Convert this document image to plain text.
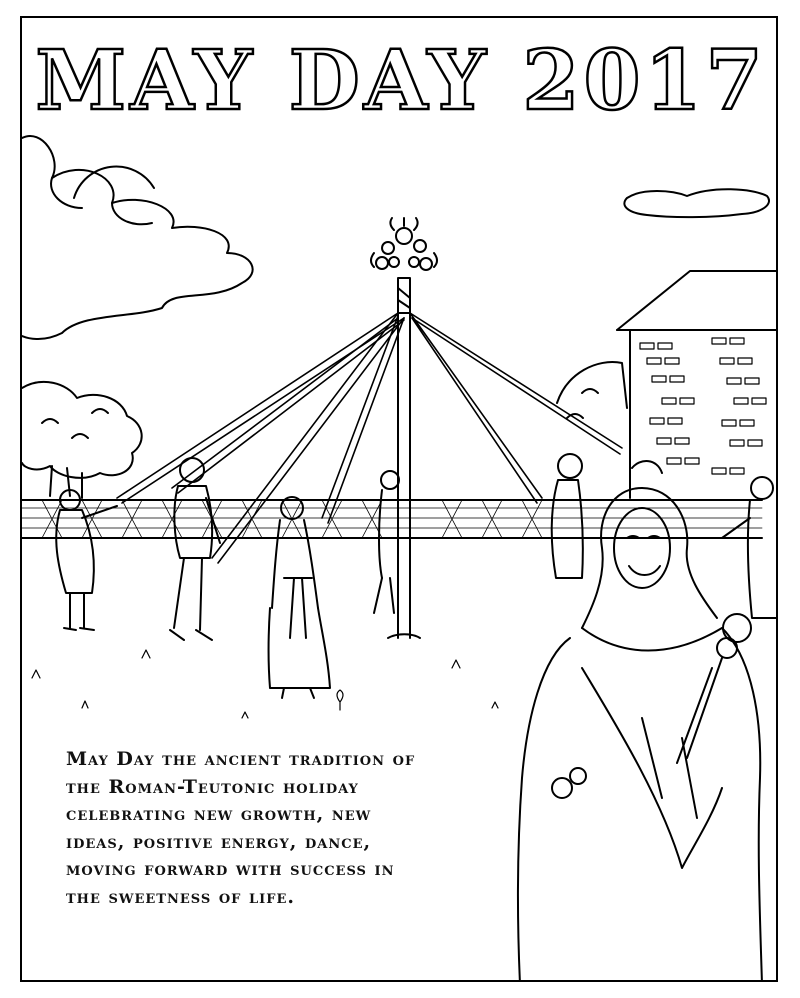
MAY DAY 2017
May Day the ancient tradition of
the Roman-Teutonic holiday
celebrating new growth, new
ideas, positive energy, dance,
moving forward with success in
the sweetness of life.
